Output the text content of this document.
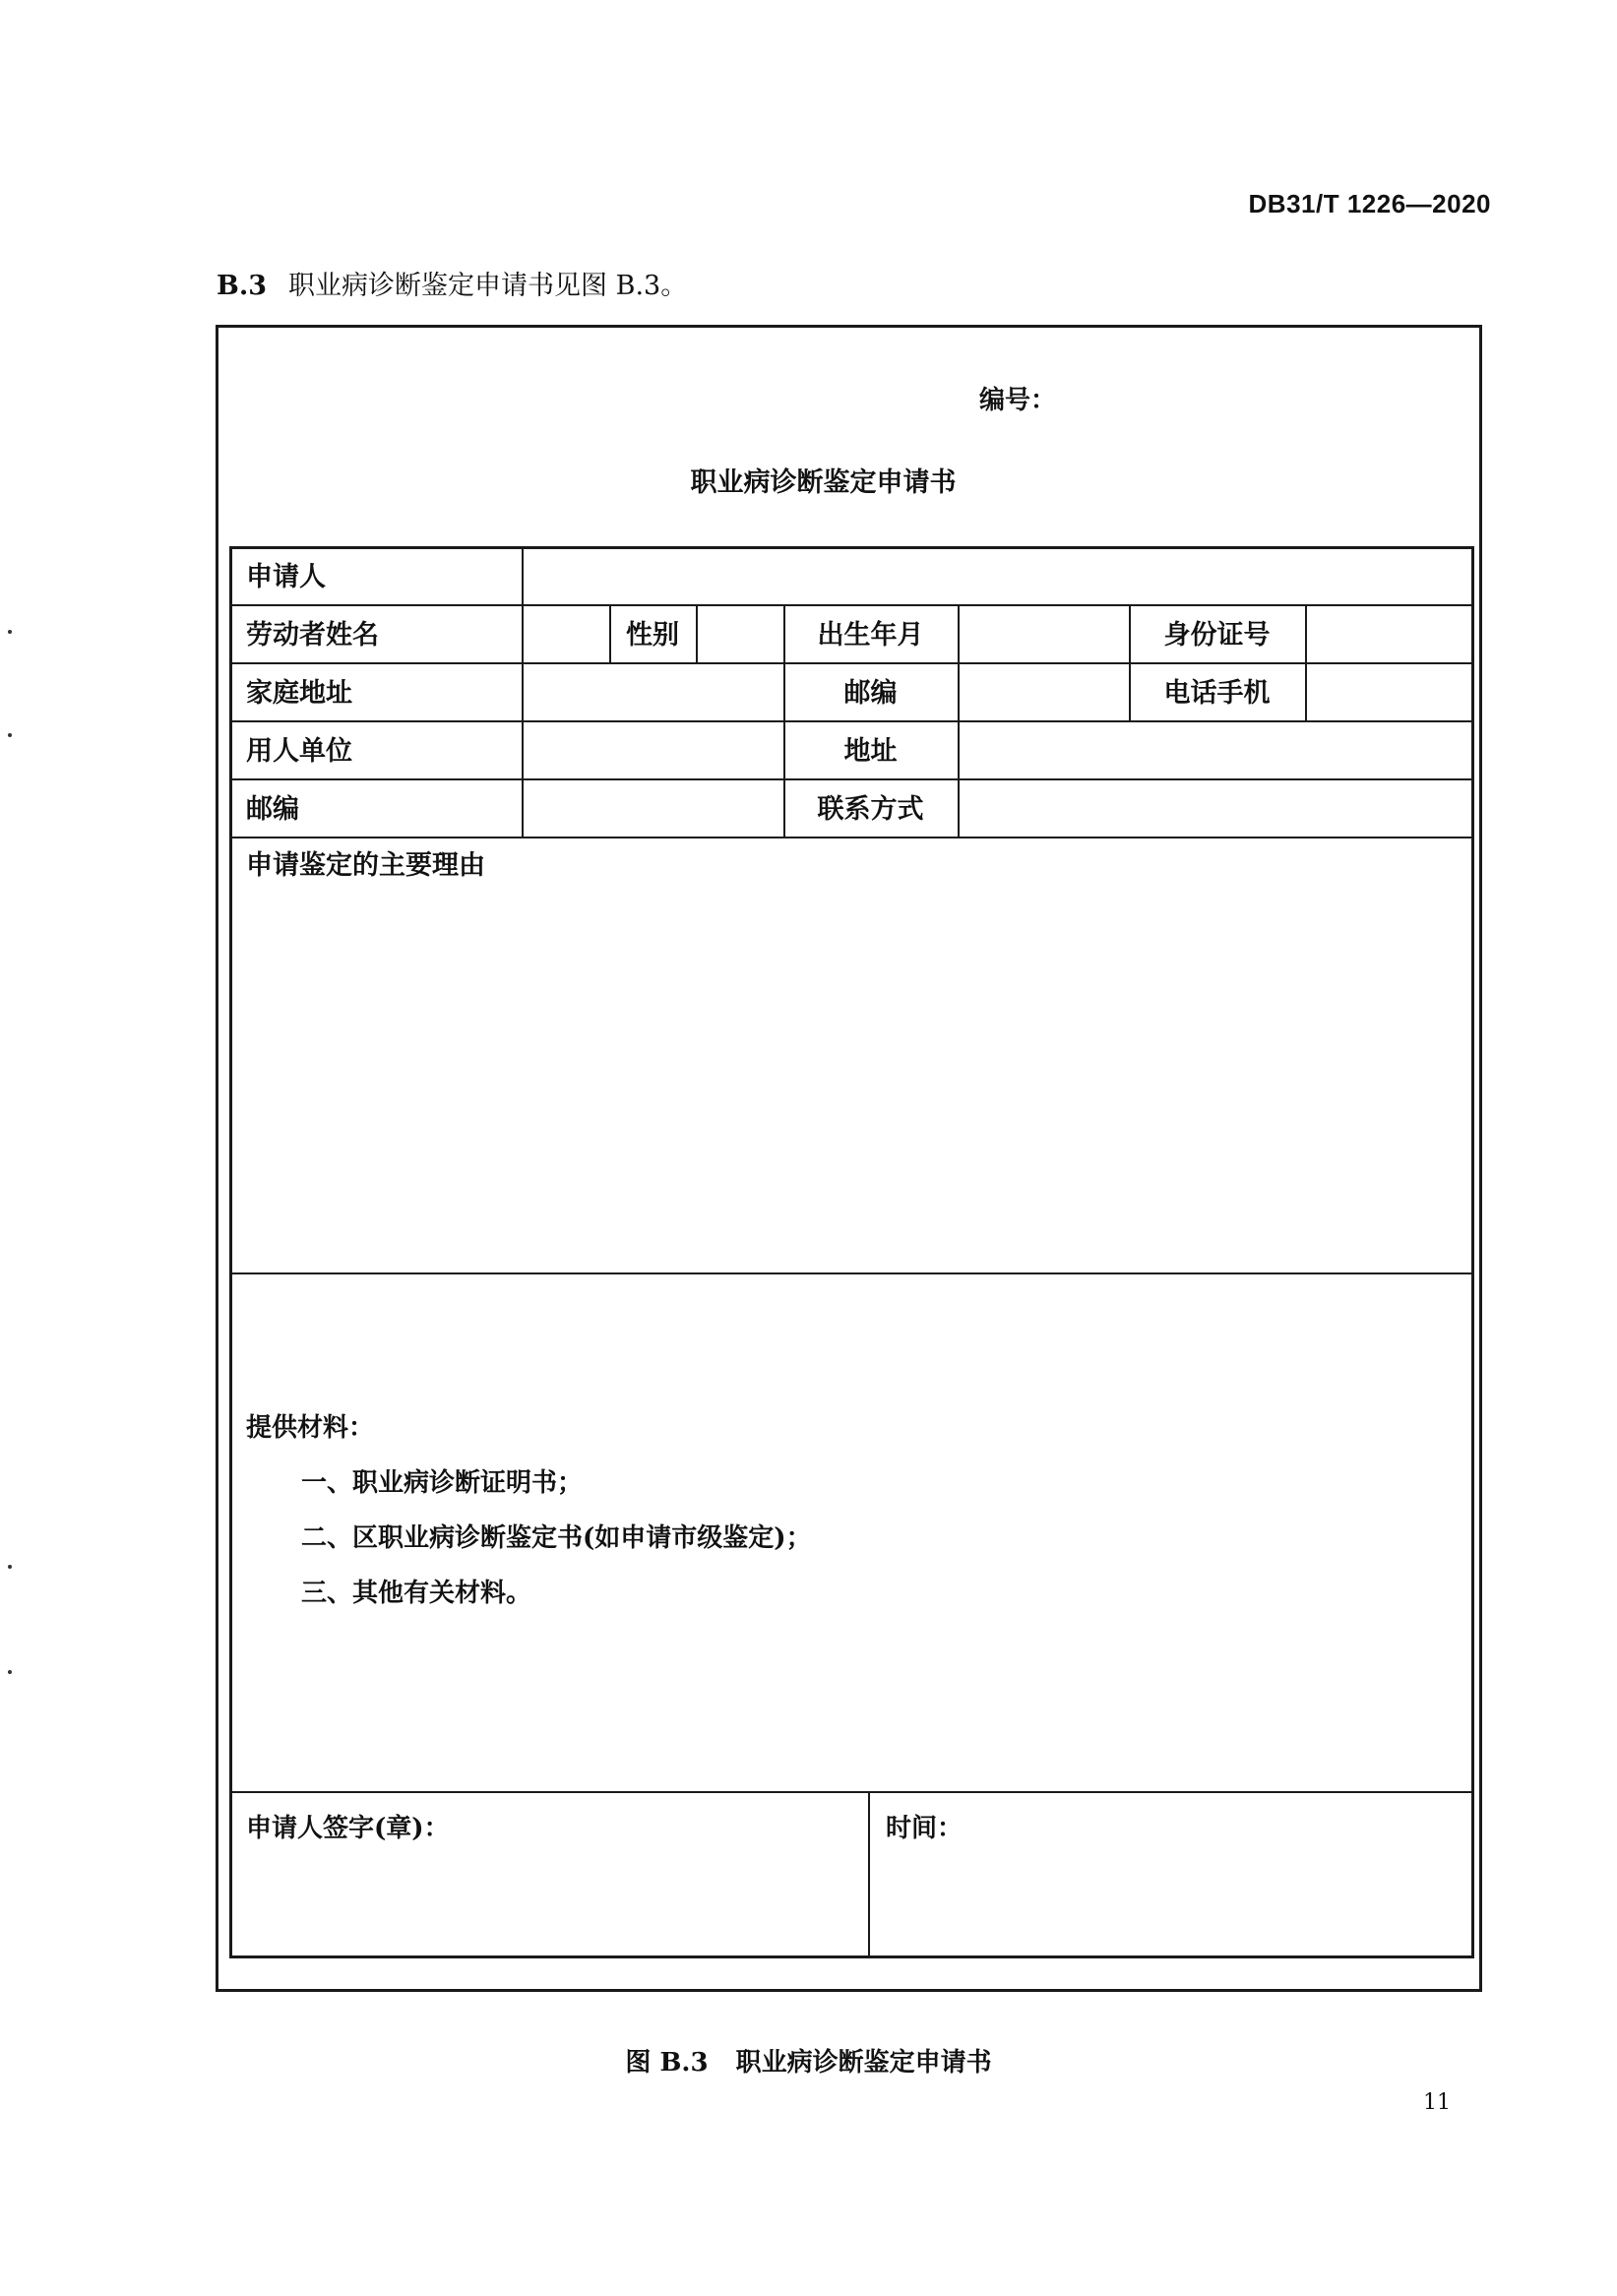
DB31/T 1226—2020
B.3 职业病诊断鉴定申请书见图 B.3。
编号：
职业病诊断鉴定申请书
申请人
劳动者姓名	性别	出生年月	身份证号
家庭地址	邮编	电话手机
用人单位	地址
邮编	联系方式
申请鉴定的主要理由
提供材料：
一、职业病诊断证明书；
二、区职业病诊断鉴定书(如申请市级鉴定)；
三、其他有关材料。
申请人签字(章)：	时间：
图 B.3 职业病诊断鉴定申请书
11
